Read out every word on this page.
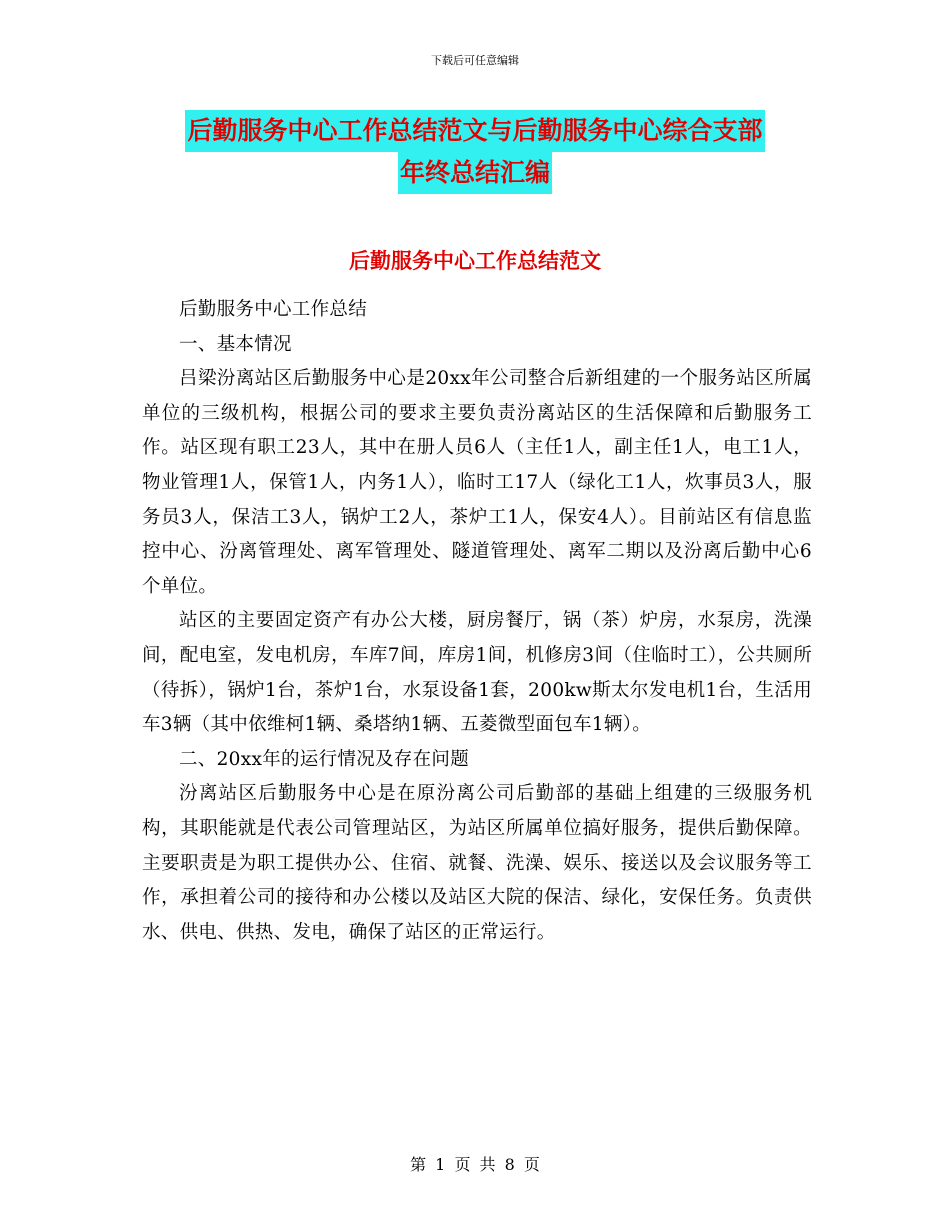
下载后可任意编辑
后勤服务中心工作总结范文与后勤服务中心综合支部
年终总结汇编
后勤服务中心工作总结范文

后勤服务中心工作总结

一、基本情况

吕梁汾离站区后勤服务中心是20xx年公司整合后新组建的一个服务站区所属单位的三级机构，根据公司的要求主要负责汾离站区的生活保障和后勤服务工作。站区现有职工23人，其中在册人员6人（主任1人，副主任1人，电工1人，物业管理1人，保管1人，内务1人），临时工17人（绿化工1人，炊事员3人，服务员3人，保洁工3人，锅炉工2人，茶炉工1人，保安4人）。目前站区有信息监控中心、汾离管理处、离军管理处、隧道管理处、离军二期以及汾离后勤中心6个单位。

站区的主要固定资产有办公大楼，厨房餐厅，锅（茶）炉房，水泵房，洗澡间，配电室，发电机房，车库7间，库房1间，机修房3间（住临时工），公共厕所（待拆），锅炉1台，茶炉1台，水泵设备1套，200kw斯太尔发电机1台，生活用车3辆（其中依维柯1辆、桑塔纳1辆、五菱微型面包车1辆）。

二、20xx年的运行情况及存在问题

汾离站区后勤服务中心是在原汾离公司后勤部的基础上组建的三级服务机构，其职能就是代表公司管理站区，为站区所属单位搞好服务，提供后勤保障。主要职责是为职工提供办公、住宿、就餐、洗澡、娱乐、接送以及会议服务等工作，承担着公司的接待和办公楼以及站区大院的保洁、绿化，安保任务。负责供水、供电、供热、发电，确保了站区的正常运行。

第 1 页 共 8 页
